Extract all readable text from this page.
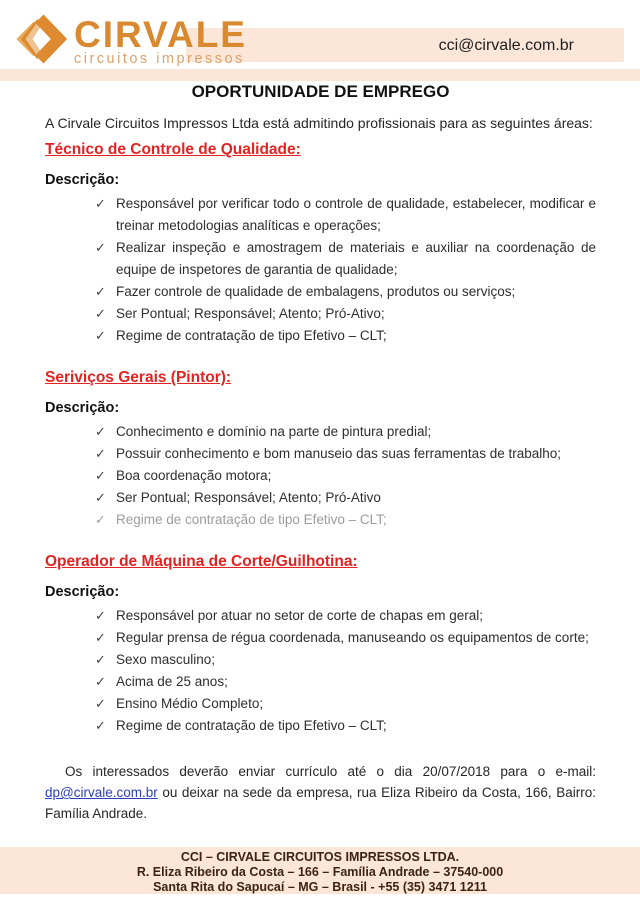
CIRVALE
circuitos impressos
cci@cirvale.com.br
OPORTUNIDADE DE EMPREGO

A Cirvale Circuitos Impressos Ltda está admitindo profissionais para as seguintes áreas:

Técnico de Controle de Qualidade:

Descrição:

✓ Responsável por verificar todo o controle de qualidade, estabelecer, modificar e treinar metodologias analíticas e operações;
✓ Realizar inspeção e amostragem de materiais e auxiliar na coordenação de equipe de inspetores de garantia de qualidade;
✓ Fazer controle de qualidade de embalagens, produtos ou serviços;
✓ Ser Pontual; Responsável; Atento; Pró-Ativo;
✓ Regime de contratação de tipo Efetivo – CLT;
Seriviços Gerais (Pintor):

Descrição:

✓ Conhecimento e domínio na parte de pintura predial;
✓ Possuir conhecimento e bom manuseio das suas ferramentas de trabalho;
✓ Boa coordenação motora;
✓ Ser Pontual; Responsável; Atento; Pró-Ativo
✓ Regime de contratação de tipo Efetivo – CLT;
Operador de Máquina de Corte/Guilhotina:

Descrição:

✓ Responsável por atuar no setor de corte de chapas em geral;
✓ Regular prensa de régua coordenada, manuseando os equipamentos de corte;
✓ Sexo masculino;
✓ Acima de 25 anos;
✓ Ensino Médio Completo;
✓ Regime de contratação de tipo Efetivo – CLT;

Os interessados deverão enviar currículo até o dia 20/07/2018 para o e-mail: dp@cirvale.com.br ou deixar na sede da empresa, rua Eliza Ribeiro da Costa, 166, Bairro: Família Andrade.

CCI – CIRVALE CIRCUITOS IMPRESSOS LTDA.
R. Eliza Ribeiro da Costa – 166 – Família Andrade – 37540-000
Santa Rita do Sapucaí – MG – Brasil - +55 (35) 3471 1211
